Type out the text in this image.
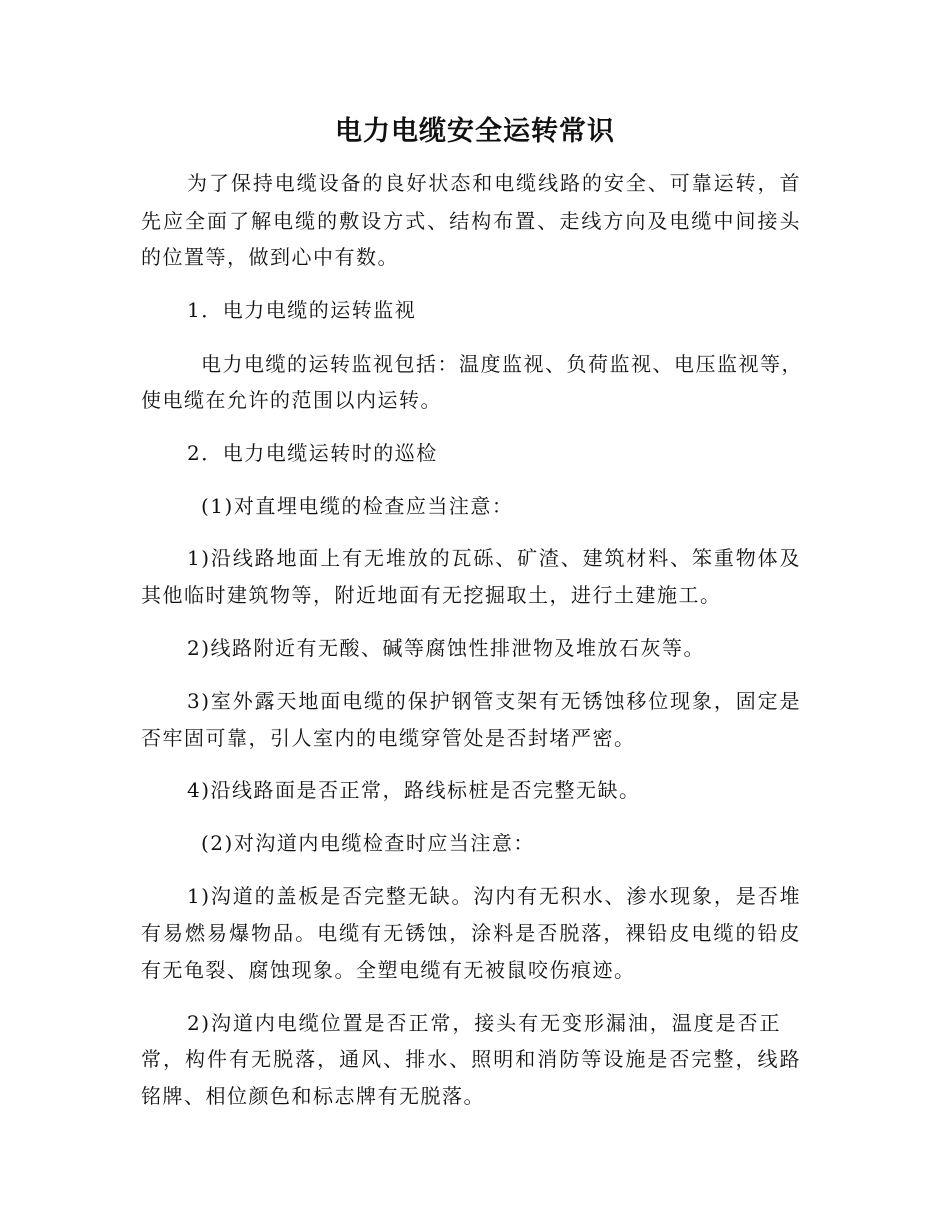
电力电缆安全运转常识
为了保持电缆设备的良好状态和电缆线路的安全、可靠运转，首
先应全面了解电缆的敷设方式、结构布置、走线方向及电缆中间接头
的位置等，做到心中有数。
1．电力电缆的运转监视
电力电缆的运转监视包括：温度监视、负荷监视、电压监视等，
使电缆在允许的范围以内运转。
2．电力电缆运转时的巡检
(1)对直埋电缆的检查应当注意：
1)沿线路地面上有无堆放的瓦砾、矿渣、建筑材料、笨重物体及
其他临时建筑物等，附近地面有无挖掘取土，进行土建施工。
2)线路附近有无酸、碱等腐蚀性排泄物及堆放石灰等。
3)室外露天地面电缆的保护钢管支架有无锈蚀移位现象，固定是
否牢固可靠，引人室内的电缆穿管处是否封堵严密。
4)沿线路面是否正常，路线标桩是否完整无缺。
(2)对沟道内电缆检查时应当注意：
1)沟道的盖板是否完整无缺。沟内有无积水、渗水现象，是否堆
有易燃易爆物品。电缆有无锈蚀，涂料是否脱落，裸铅皮电缆的铅皮
有无龟裂、腐蚀现象。全塑电缆有无被鼠咬伤痕迹。
2)沟道内电缆位置是否正常，接头有无变形漏油，温度是否正
常，构件有无脱落，通风、排水、照明和消防等设施是否完整，线路
铭牌、相位颜色和标志牌有无脱落。
